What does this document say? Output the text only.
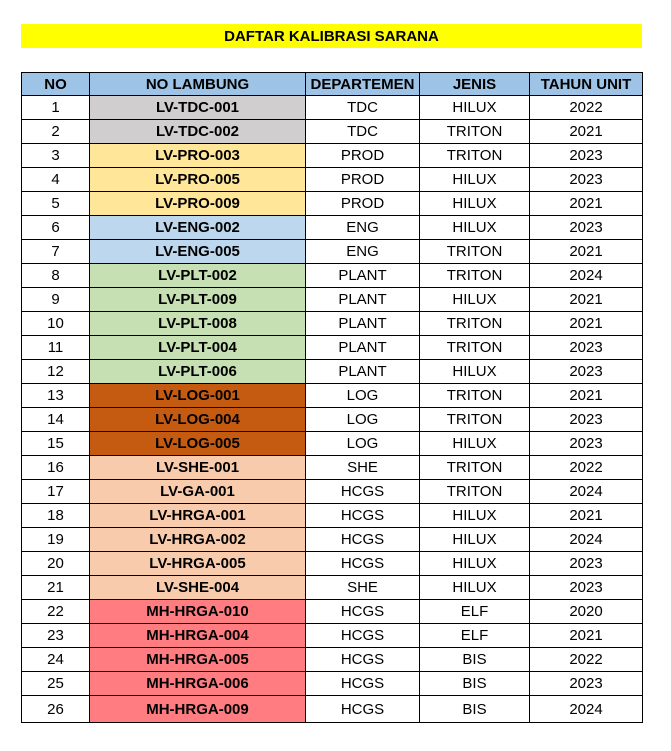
DAFTAR KALIBRASI SARANA
NO	NO LAMBUNG	DEPARTEMEN	JENIS	TAHUN UNIT
1	LV-TDC-001	TDC	HILUX	2022
2	LV-TDC-002	TDC	TRITON	2021
3	LV-PRO-003	PROD	TRITON	2023
4	LV-PRO-005	PROD	HILUX	2023
5	LV-PRO-009	PROD	HILUX	2021
6	LV-ENG-002	ENG	HILUX	2023
7	LV-ENG-005	ENG	TRITON	2021
8	LV-PLT-002	PLANT	TRITON	2024
9	LV-PLT-009	PLANT	HILUX	2021
10	LV-PLT-008	PLANT	TRITON	2021
11	LV-PLT-004	PLANT	TRITON	2023
12	LV-PLT-006	PLANT	HILUX	2023
13	LV-LOG-001	LOG	TRITON	2021
14	LV-LOG-004	LOG	TRITON	2023
15	LV-LOG-005	LOG	HILUX	2023
16	LV-SHE-001	SHE	TRITON	2022
17	LV-GA-001	HCGS	TRITON	2024
18	LV-HRGA-001	HCGS	HILUX	2021
19	LV-HRGA-002	HCGS	HILUX	2024
20	LV-HRGA-005	HCGS	HILUX	2023
21	LV-SHE-004	SHE	HILUX	2023
22	MH-HRGA-010	HCGS	ELF	2020
23	MH-HRGA-004	HCGS	ELF	2021
24	MH-HRGA-005	HCGS	BIS	2022
25	MH-HRGA-006	HCGS	BIS	2023
26	MH-HRGA-009	HCGS	BIS	2024
